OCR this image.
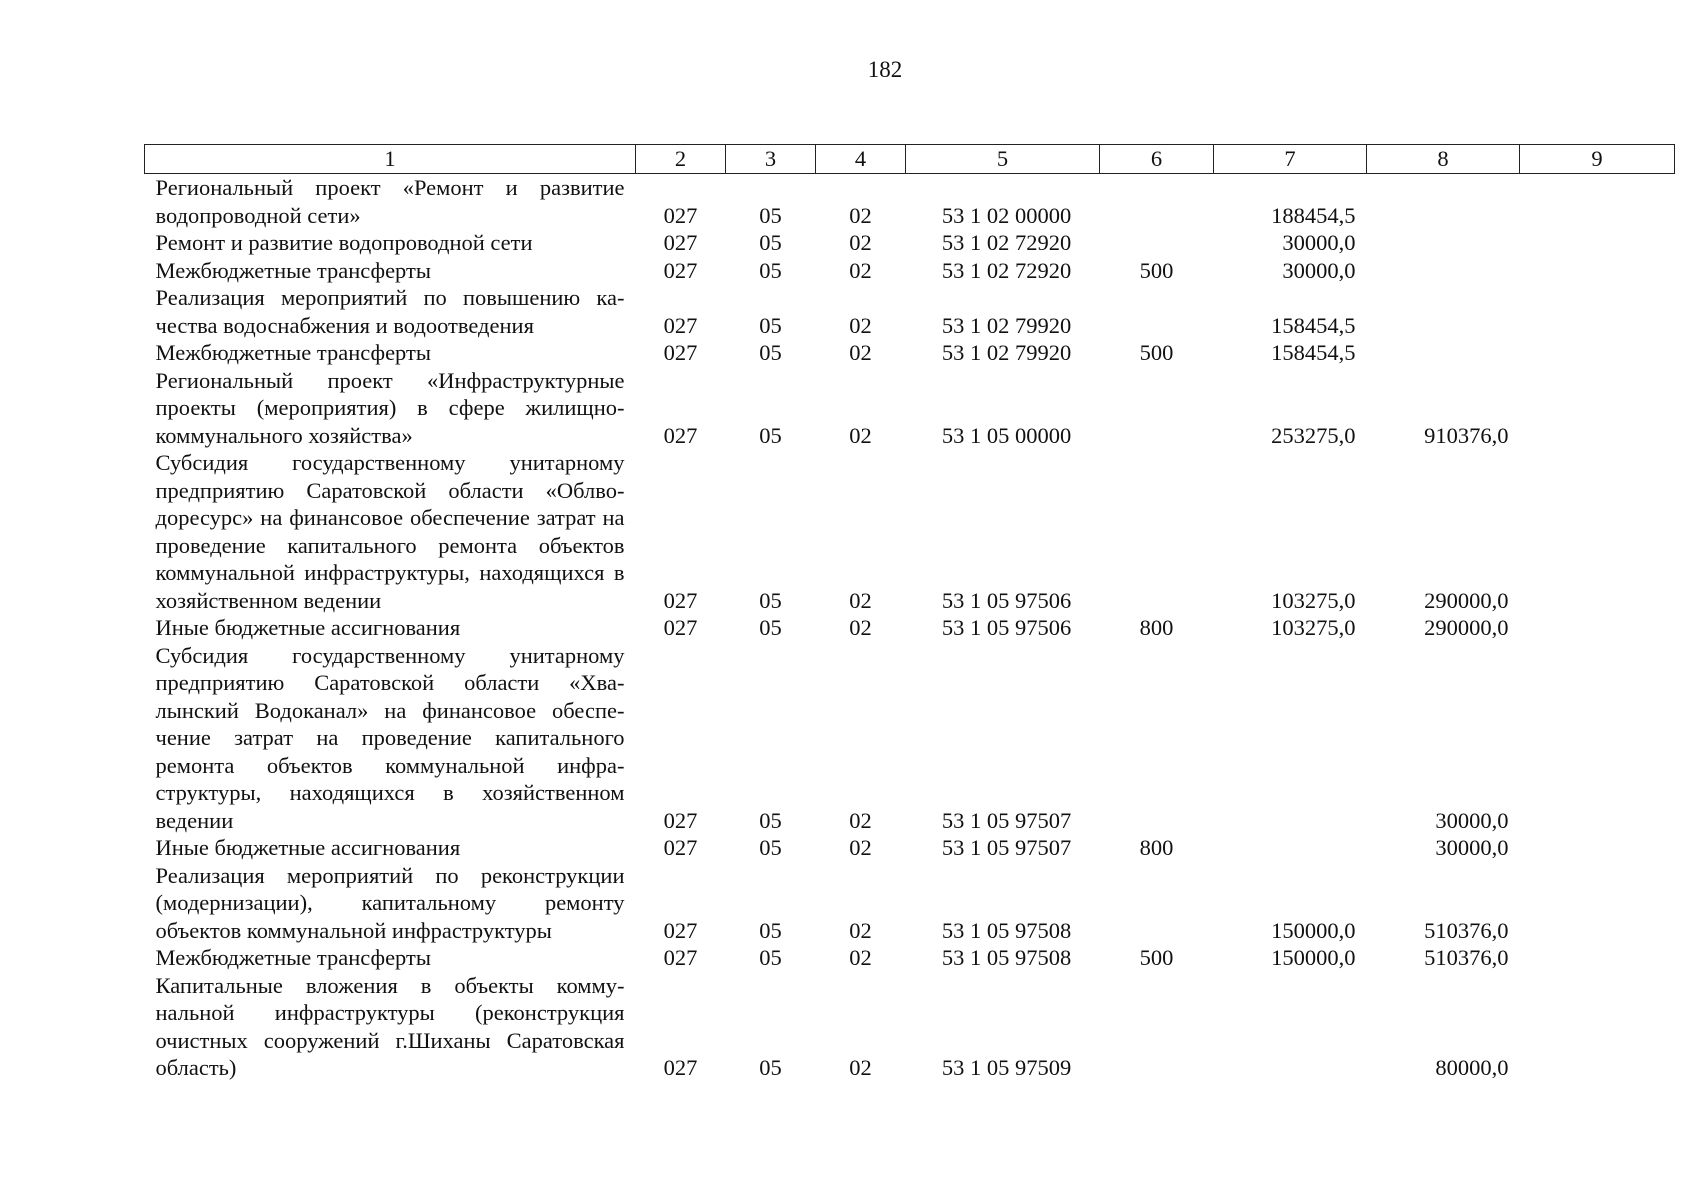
182
1	2	3	4	5	6	7	8	9
Региональный проект «Ремонт и развитие водопроводной сети»	027	05	02	53 1 02 00000		188454,5		
Ремонт и развитие водопроводной сети	027	05	02	53 1 02 72920		30000,0		
Межбюджетные трансферты	027	05	02	53 1 02 72920	500	30000,0		
Реализация мероприятий по повышению качества водоснабжения и водоотведения	027	05	02	53 1 02 79920		158454,5		
Межбюджетные трансферты	027	05	02	53 1 02 79920	500	158454,5		
Региональный проект «Инфраструктурные проекты (мероприятия) в сфере жилищно-коммунального хозяйства»	027	05	02	53 1 05 00000		253275,0	910376,0	
Субсидия государственному унитарному предприятию Саратовской области «Облводоресурс» на финансовое обеспечение затрат на проведение капитального ремонта объектов коммунальной инфраструктуры, находящихся в хозяйственном ведении	027	05	02	53 1 05 97506		103275,0	290000,0	
Иные бюджетные ассигнования	027	05	02	53 1 05 97506	800	103275,0	290000,0	
Субсидия государственному унитарному предприятию Саратовской области «Хвалынский Водоканал» на финансовое обеспечение затрат на проведение капитального ремонта объектов коммунальной инфраструктуры, находящихся в хозяйственном ведении	027	05	02	53 1 05 97507			30000,0	
Иные бюджетные ассигнования	027	05	02	53 1 05 97507	800		30000,0	
Реализация мероприятий по реконструкции (модернизации), капитальному ремонту объектов коммунальной инфраструктуры	027	05	02	53 1 05 97508		150000,0	510376,0	
Межбюджетные трансферты	027	05	02	53 1 05 97508	500	150000,0	510376,0	
Капитальные вложения в объекты коммунальной инфраструктуры (реконструкция очистных сооружений г.Шиханы Саратовская область)	027	05	02	53 1 05 97509			80000,0	
